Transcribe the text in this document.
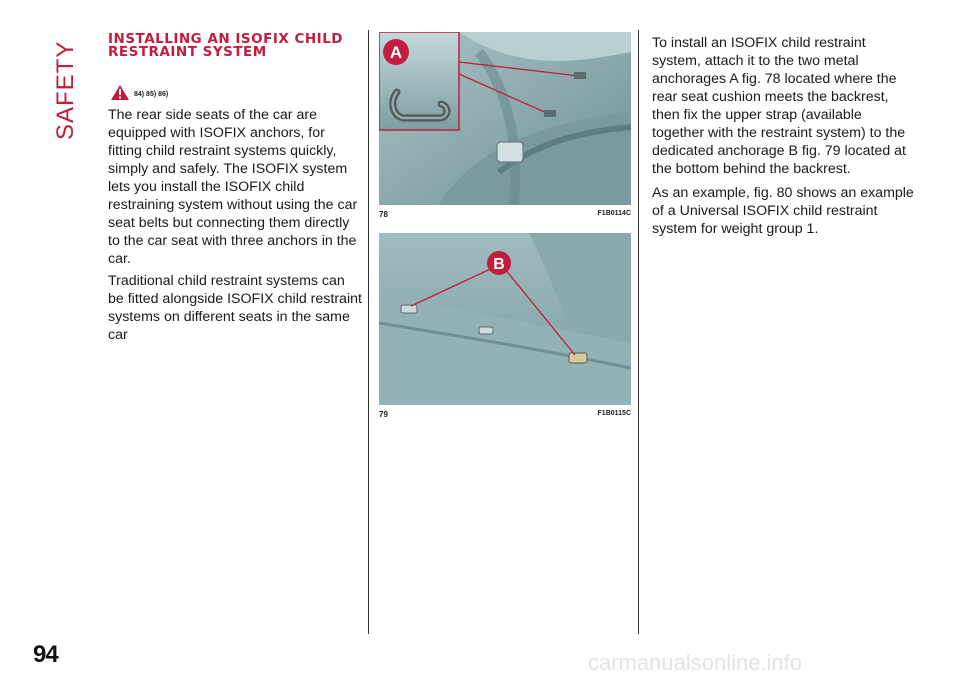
SAFETY
INSTALLING AN ISOFIX CHILD RESTRAINT SYSTEM
84) 85) 86)

The rear side seats of the car are equipped with ISOFIX anchors, for fitting child restraint systems quickly, simply and safely. The ISOFIX system lets you install the ISOFIX child restraining system without using the car seat belts but connecting them directly to the car seat with three anchors in the car.

Traditional child restraint systems can be fitted alongside ISOFIX child restraint systems on different seats in the same car

To install an ISOFIX child restraint system, attach it to the two metal anchorages A fig. 78 located where the rear seat cushion meets the backrest, then fix the upper strap (available together with the restraint system) to the dedicated anchorage B fig. 79 located at the bottom behind the backrest.

As an example, fig. 80 shows an example of a Universal ISOFIX child restraint system for weight group 1.

A
78	F1B0114C
B
79	F1B0115C
94	carmanualsonline.info
